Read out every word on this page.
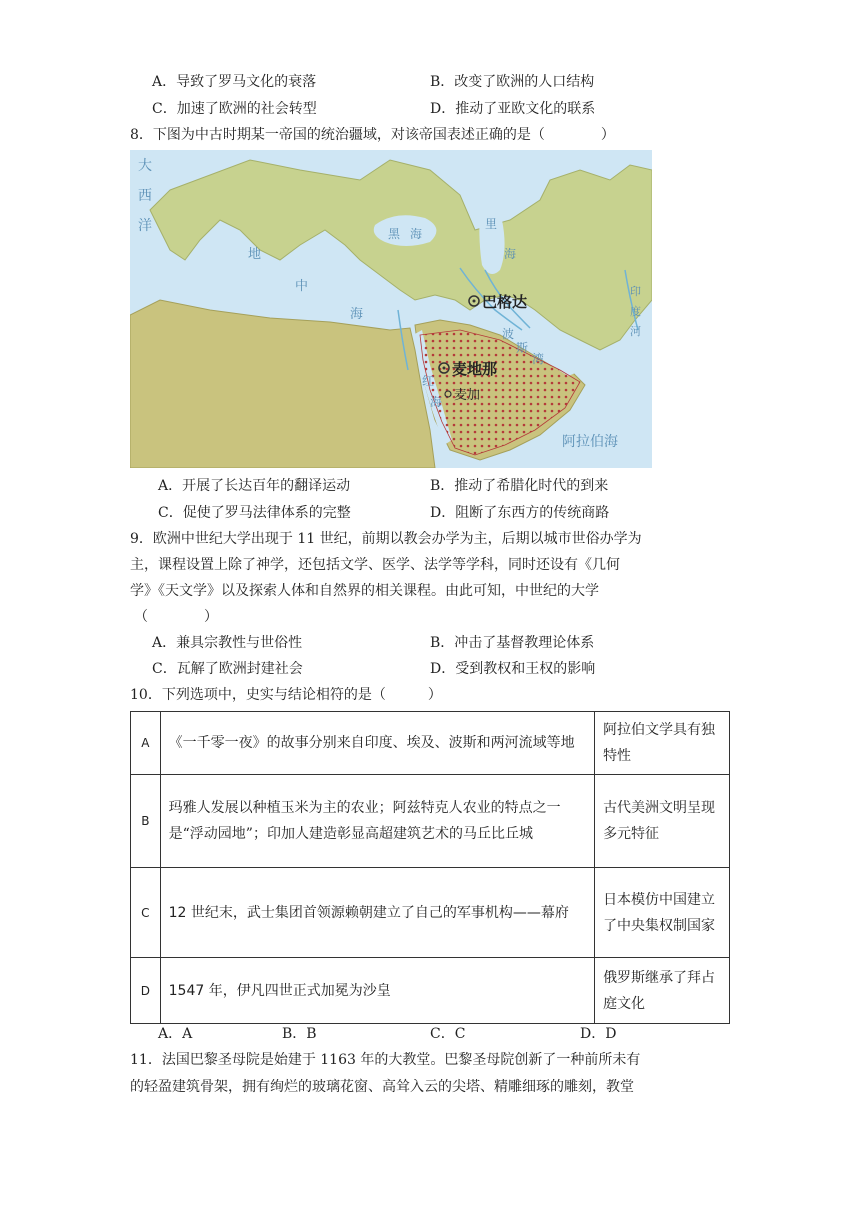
A．导致了罗马文化的衰落	B．改变了欧洲的人口结构
C．加速了欧洲的社会转型	D．推动了亚欧文化的联系
8．下图为中古时期某一帝国的统治疆域，对该帝国表述正确的是（　　　　）
大
西
洋
地
中
海
黑 海
里
海
波
斯
湾
红
海
印
度
河
阿拉伯海
巴格达
麦地那
麦加
A．开展了长达百年的翻译运动	B．推动了希腊化时代的到来
C．促使了罗马法律体系的完整	D．阻断了东西方的传统商路
9．欧洲中世纪大学出现于 11 世纪，前期以教会办学为主，后期以城市世俗办学为
主，课程设置上除了神学，还包括文学、医学、法学等学科，同时还设有《几何
学》《天文学》以及探索人体和自然界的相关课程。由此可知，中世纪的大学
（　　　　）
A．兼具宗教性与世俗性	B．冲击了基督教理论体系
C．瓦解了欧洲封建社会	D．受到教权和王权的影响
10．下列选项中，史实与结论相符的是（　　　）
A	《一千零一夜》的故事分别来自印度、埃及、波斯和两河流域等地	阿拉伯文学具有独特性
B	玛雅人发展以种植玉米为主的农业；阿兹特克人农业的特点之一是“浮动园地”；印加人建造彰显高超建筑艺术的马丘比丘城	古代美洲文明呈现多元特征
C	12 世纪末，武士集团首领源赖朝建立了自己的军事机构——幕府	日本模仿中国建立了中央集权制国家
D	1547 年，伊凡四世正式加冕为沙皇	俄罗斯继承了拜占庭文化
A．A	B．B	C．C	D．D
11．法国巴黎圣母院是始建于 1163 年的大教堂。巴黎圣母院创新了一种前所未有
的轻盈建筑骨架，拥有绚烂的玻璃花窗、高耸入云的尖塔、精雕细琢的雕刻，教堂
